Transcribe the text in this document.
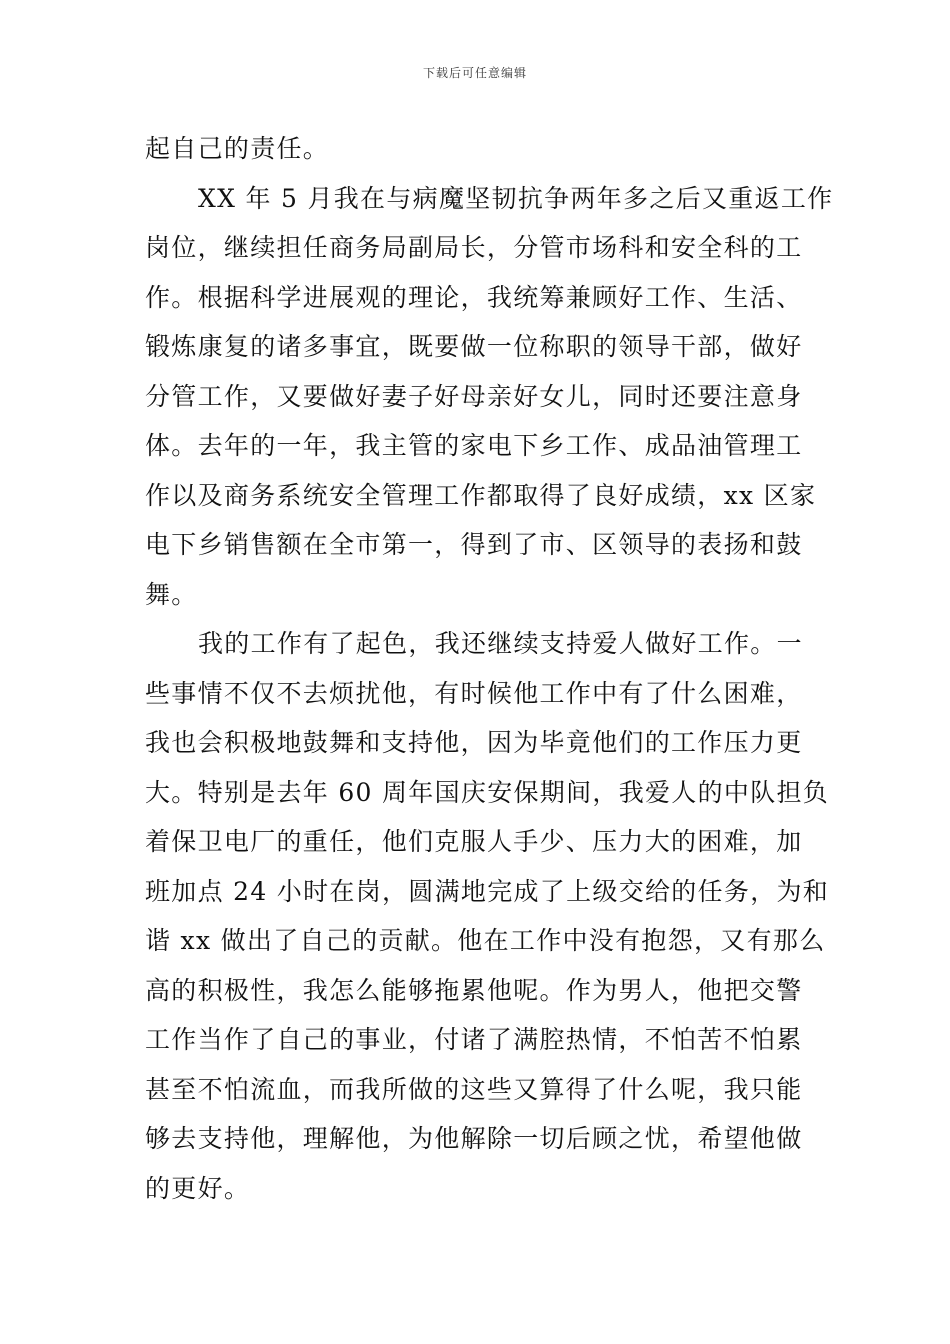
下载后可任意编辑
起自己的责任。
XX 年 5 月我在与病魔坚韧抗争两年多之后又重返工作
岗位，继续担任商务局副局长，分管市场科和安全科的工
作。根据科学进展观的理论，我统筹兼顾好工作、生活、
锻炼康复的诸多事宜，既要做一位称职的领导干部，做好
分管工作，又要做好妻子好母亲好女儿，同时还要注意身
体。去年的一年，我主管的家电下乡工作、成品油管理工
作以及商务系统安全管理工作都取得了良好成绩，xx 区家
电下乡销售额在全市第一，得到了市、区领导的表扬和鼓
舞。
我的工作有了起色，我还继续支持爱人做好工作。一
些事情不仅不去烦扰他，有时候他工作中有了什么困难，
我也会积极地鼓舞和支持他，因为毕竟他们的工作压力更
大。特别是去年 60 周年国庆安保期间，我爱人的中队担负
着保卫电厂的重任，他们克服人手少、压力大的困难，加
班加点 24 小时在岗，圆满地完成了上级交给的任务，为和
谐 xx 做出了自己的贡献。他在工作中没有抱怨，又有那么
高的积极性，我怎么能够拖累他呢。作为男人，他把交警
工作当作了自己的事业，付诸了满腔热情，不怕苦不怕累
甚至不怕流血，而我所做的这些又算得了什么呢，我只能
够去支持他，理解他，为他解除一切后顾之忧，希望他做
的更好。
